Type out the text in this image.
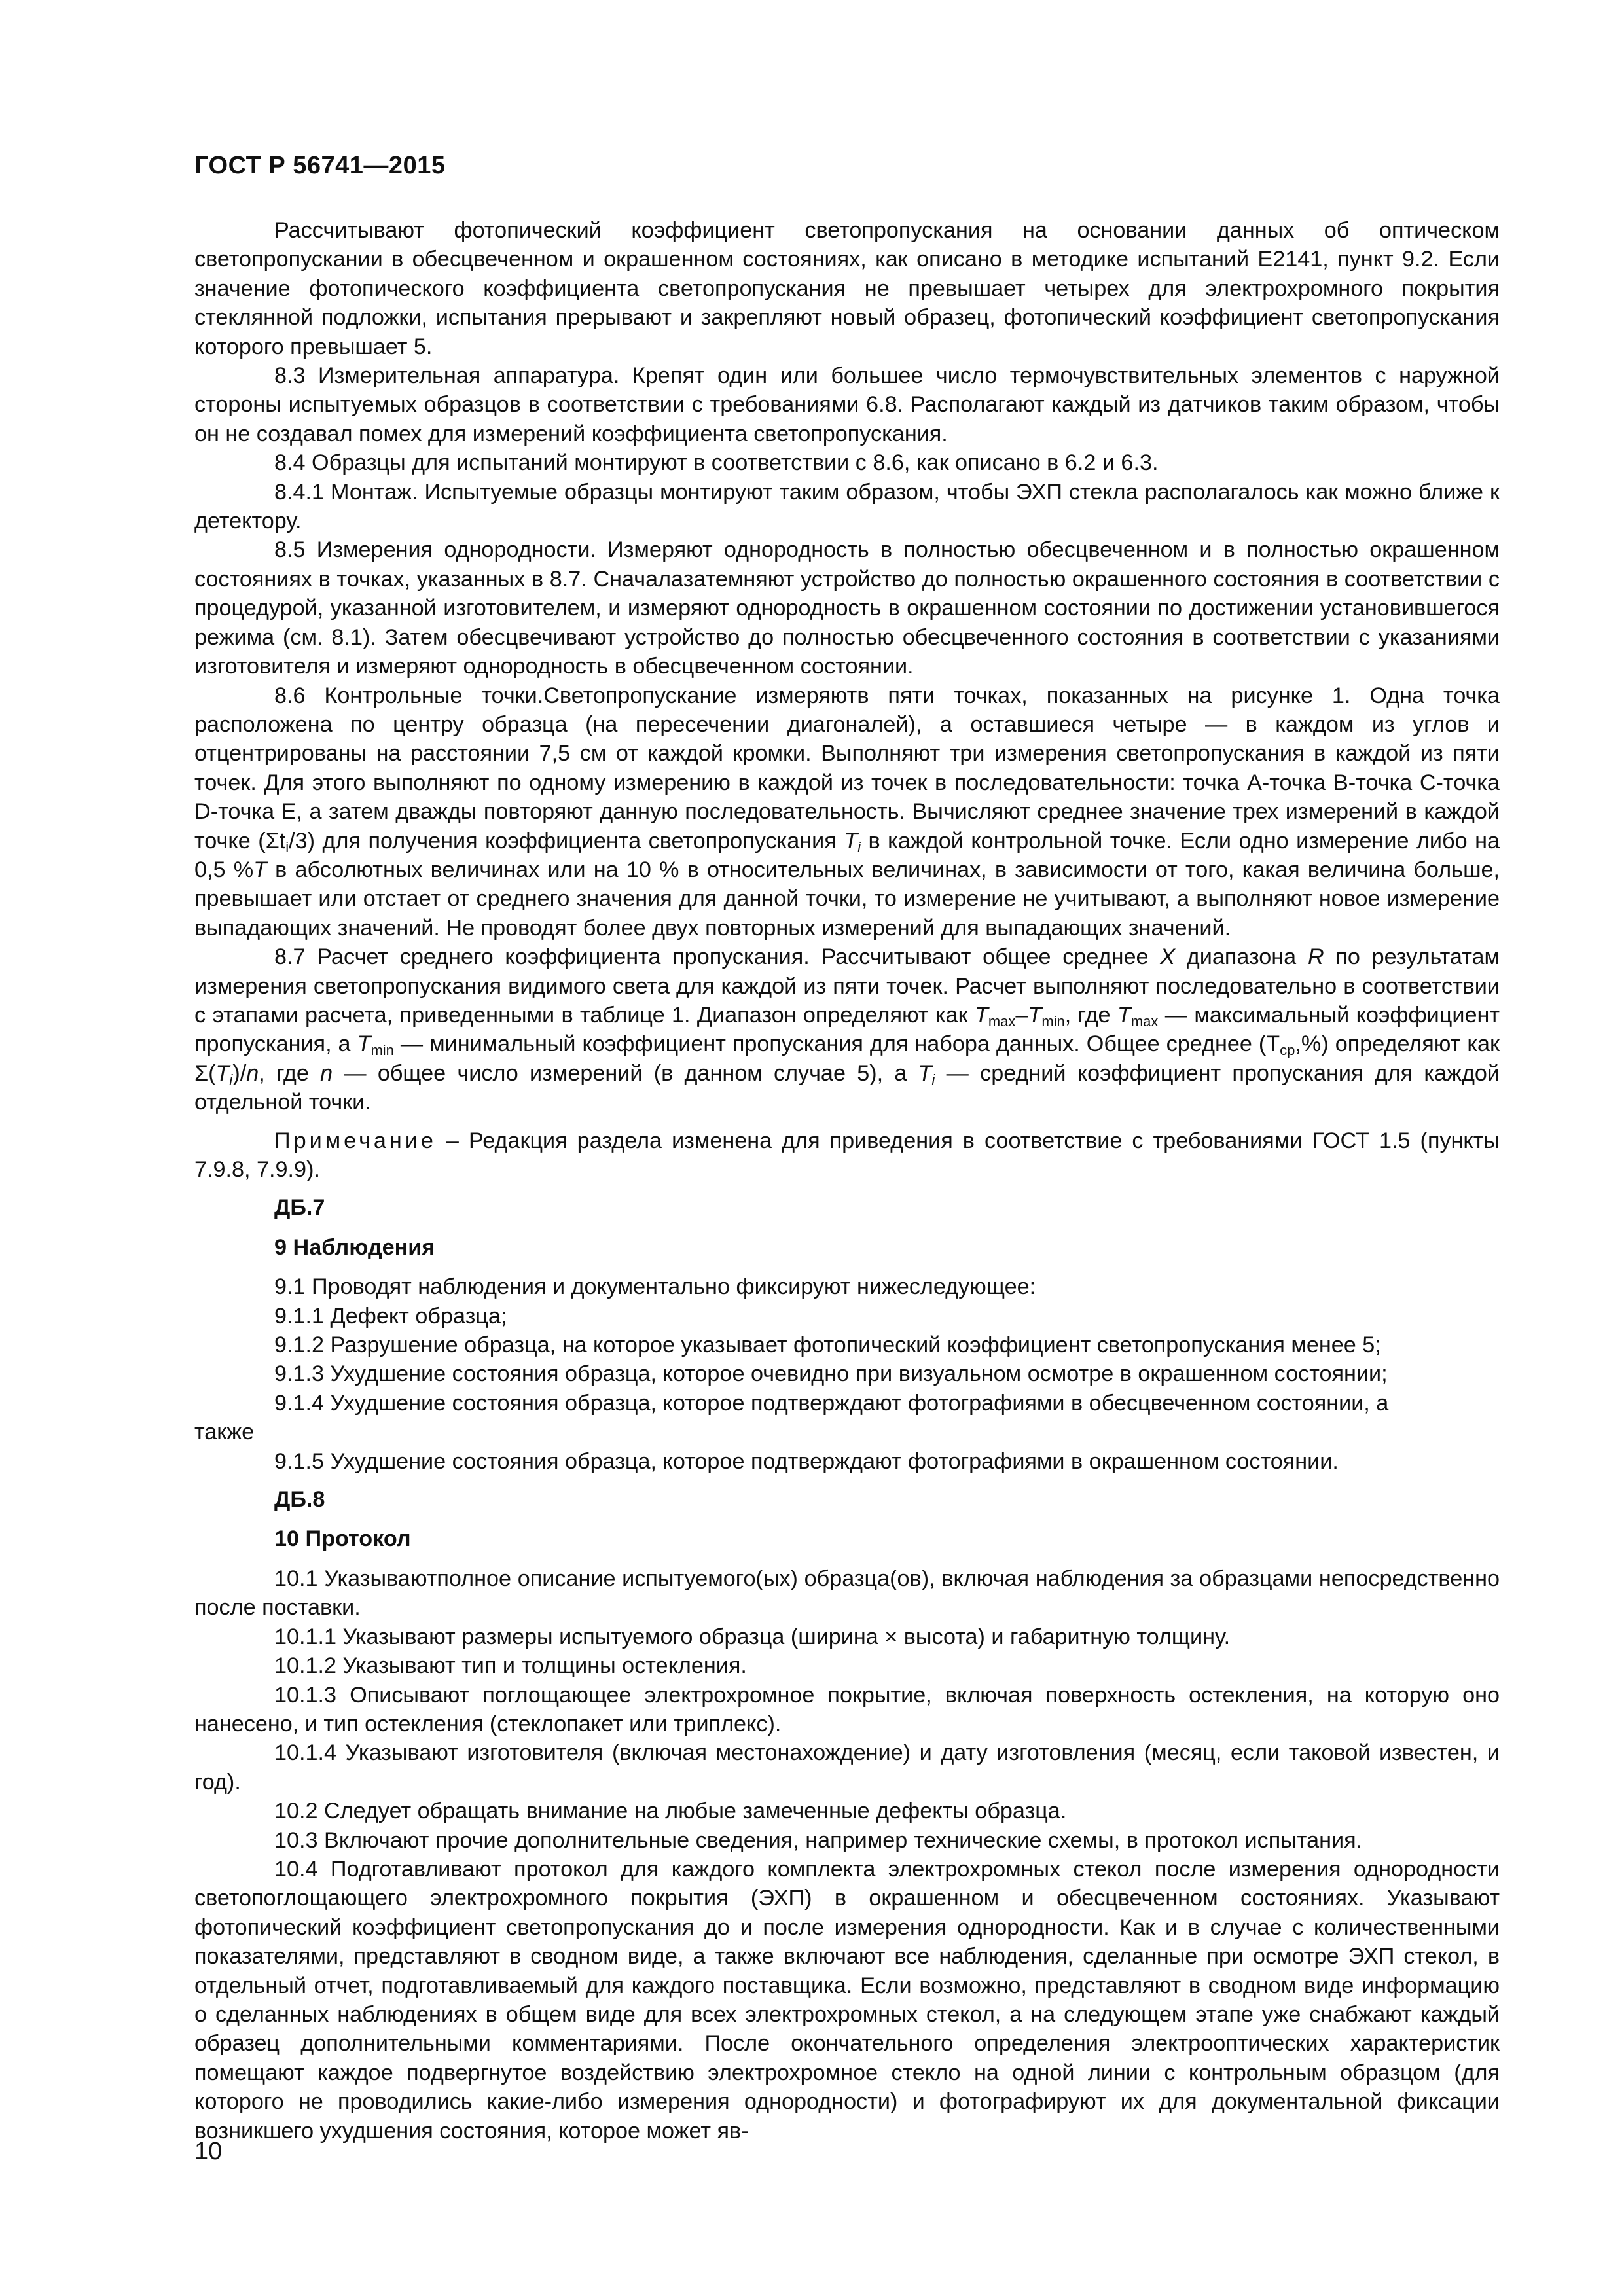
ГОСТ Р 56741—2015

Рассчитывают фотопический коэффициент светопропускания на основании данных об оптическом светопропускании в обесцвеченном и окрашенном состояниях, как описано в методике испытаний E2141, пункт 9.2. Если значение фотопического коэффициента светопропускания не превышает четырех для электрохромного покрытия стеклянной подложки, испытания прерывают и закрепляют новый образец, фотопический коэффициент светопропускания которого превышает 5.

8.3 Измерительная аппаратура. Крепят один или большее число термочувствительных элементов с наружной стороны испытуемых образцов в соответствии с требованиями 6.8. Располагают каждый из датчиков таким образом, чтобы он не создавал помех для измерений коэффициента светопропускания.

8.4 Образцы для испытаний монтируют в соответствии с 8.6, как описано в 6.2 и 6.3.

8.4.1 Монтаж. Испытуемые образцы монтируют таким образом, чтобы ЭХП стекла располагалось как можно ближе к детектору.

8.5 Измерения однородности. Измеряют однородность в полностью обесцвеченном и в полностью окрашенном состояниях в точках, указанных в 8.7. Сначалазатемняют устройство до полностью окрашенного состояния в соответствии с процедурой, указанной изготовителем, и измеряют однородность в окрашенном состоянии по достижении установившегося режима (см. 8.1). Затем обесцвечивают устройство до полностью обесцвеченного состояния в соответствии с указаниями изготовителя и измеряют однородность в обесцвеченном состоянии.

8.6 Контрольные точки.Светопропускание измеряютв пяти точках, показанных на рисунке 1. Одна точка расположена по центру образца (на пересечении диагоналей), а оставшиеся четыре — в каждом из углов и отцентрированы на расстоянии 7,5 см от каждой кромки. Выполняют три измерения светопропускания в каждой из пяти точек. Для этого выполняют по одному измерению в каждой из точек в последовательности: точка А-точка В-точка С-точка D-точка Е, а затем дважды повторяют данную последовательность. Вычисляют среднее значение трех измерений в каждой точке $(\Sigma t_i/3)$ для получения коэффициента светопропускания $T_i$ в каждой контрольной точке. Если одно измерение либо на 0,5 %T в абсолютных величинах или на 10 % в относительных величинах, в зависимости от того, какая величина больше, превышает или отстает от среднего значения для данной точки, то измерение не учитывают, а выполняют новое измерение выпадающих значений. Не проводят более двух повторных измерений для выпадающих значений.

8.7 Расчет среднего коэффициента пропускания. Рассчитывают общее среднее X диапазона R по результатам измерения светопропускания видимого света для каждой из пяти точек. Расчет выполняют последовательно в соответствии с этапами расчета, приведенными в таблице 1. Диапазон определяют как $T_{max}-T_{min}$, где $T_{max}$ — максимальный коэффициент пропускания, а $T_{min}$ — минимальный коэффициент пропускания для набора данных. Общее среднее $(T_{ср},\%)$ определяют как $\Sigma(T_i)/n$, где n — общее число измерений (в данном случае 5), а $T_i$ — средний коэффициент пропускания для каждой отдельной точки.

Примечание – Редакция раздела изменена для приведения в соответствие с требованиями ГОСТ 1.5 (пункты 7.9.8, 7.9.9).

ДБ.7
9 Наблюдения

9.1 Проводят наблюдения и документально фиксируют нижеследующее:

9.1.1 Дефект образца;

9.1.2 Разрушение образца, на которое указывает фотопический коэффициент светопропускания менее 5;

9.1.3 Ухудшение состояния образца, которое очевидно при визуальном осмотре в окрашенном состоянии;

9.1.4 Ухудшение состояния образца, которое подтверждают фотографиями в обесцвеченном состоянии, а

также

9.1.5 Ухудшение состояния образца, которое подтверждают фотографиями в окрашенном состоянии.

ДБ.8
10 Протокол

10.1 Указываютполное описание испытуемого(ых) образца(ов), включая наблюдения за образцами непосредственно после поставки.

10.1.1 Указывают размеры испытуемого образца (ширина × высота) и габаритную толщину.

10.1.2 Указывают тип и толщины остекления.

10.1.3 Описывают поглощающее электрохромное покрытие, включая поверхность остекления, на которую оно нанесено, и тип остекления (стеклопакет или триплекс).

10.1.4 Указывают изготовителя (включая местонахождение) и дату изготовления (месяц, если таковой известен, и год).

10.2 Следует обращать внимание на любые замеченные дефекты образца.

10.3 Включают прочие дополнительные сведения, например технические схемы, в протокол испытания.

10.4 Подготавливают протокол для каждого комплекта электрохромных стекол после измерения однородности светопоглощающего электрохромного покрытия (ЭХП) в окрашенном и обесцвеченном состояниях. Указывают фотопический коэффициент светопропускания до и после измерения однородности. Как и в случае с количественными показателями, представляют в сводном виде, а также включают все наблюдения, сделанные при осмотре ЭХП стекол, в отдельный отчет, подготавливаемый для каждого поставщика. Если возможно, представляют в сводном виде информацию о сделанных наблюдениях в общем виде для всех электрохромных стекол, а на следующем этапе уже снабжают каждый образец дополнительными комментариями. После окончательного определения электрооптических характеристик помещают каждое подвергнутое воздействию электрохромное стекло на одной линии с контрольным образцом (для которого не проводились какие-либо измерения однородности) и фотографируют их для документальной фиксации возникшего ухудшения состояния, которое может яв-

10
